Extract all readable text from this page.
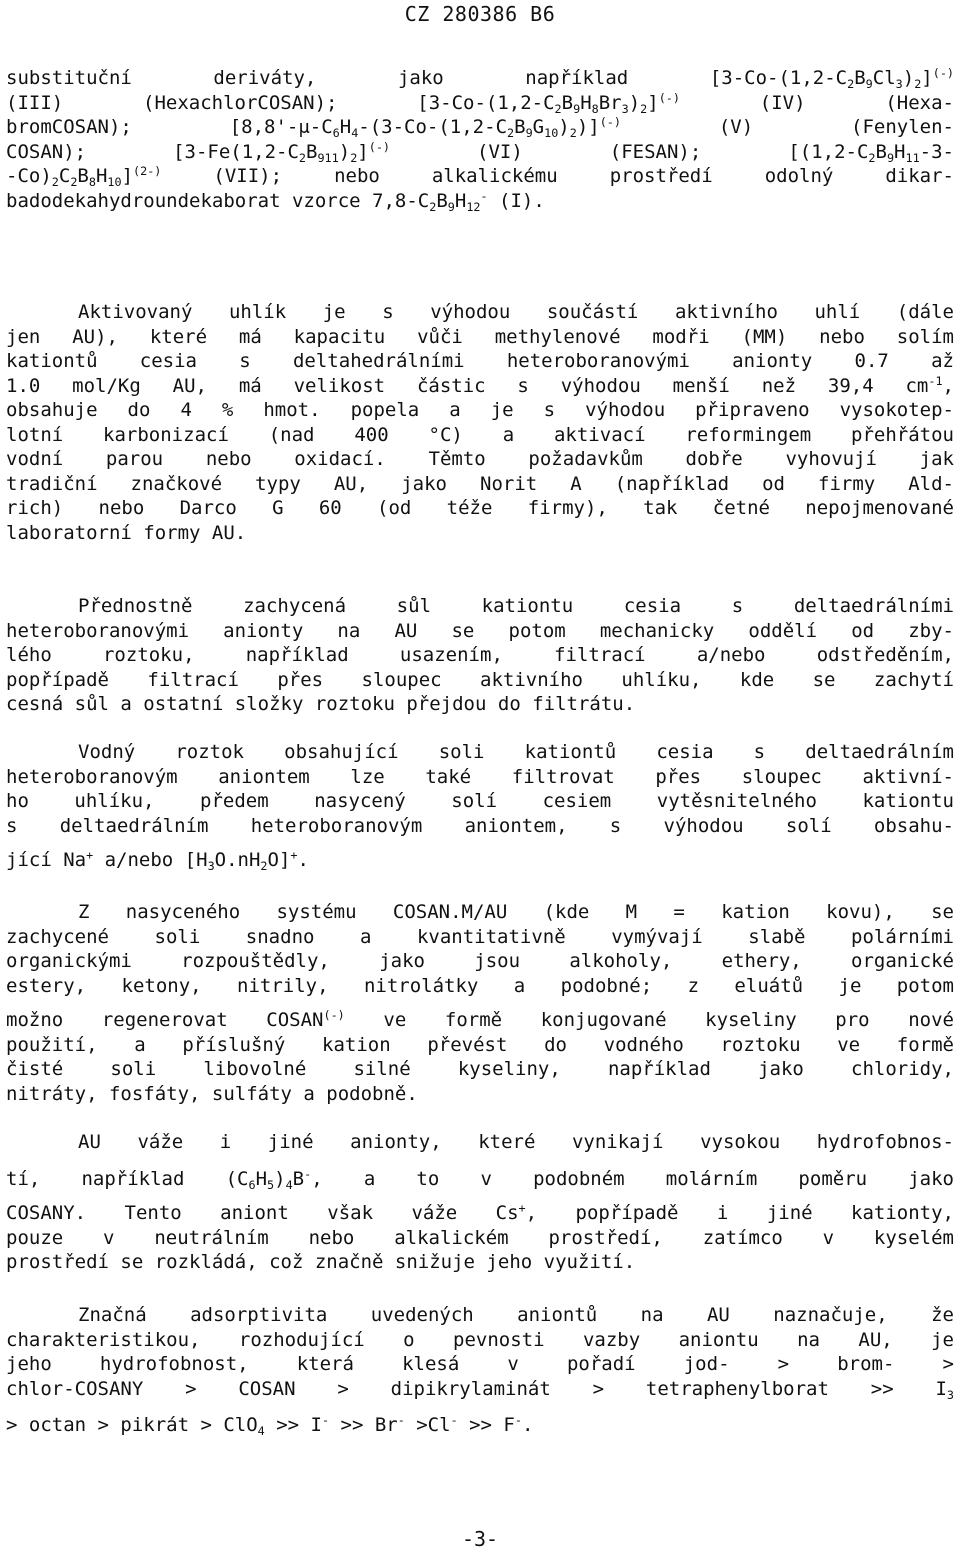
CZ 280386 B6
substituční deriváty, jako například $[3-Co-(1,2-C_2B_9Cl_3)_2]^{(-)}$
(III) (HexachlorCOSAN); $[3-Co-(1,2-C_2B_9H_8Br_3)_2]^{(-)}$ (IV) (Hexa-
bromCOSAN); $[8,8'-\mu-C_6H_4-(3-Co-(1,2-C_2B_9G_{10})_2)]^{(-)}$ (V) (Fenylen-
COSAN); $[3-Fe(1,2-C_2B_{911})_2]^{(-)}$ (VI) (FESAN); [($1,2-C_2B_9H_{11}-3-$
$-Co)_2C_2B_8H_{10}]^{(2-)}$ (VII); nebo alkalickému prostředí odolný dikar-
badodekahydroundekaborat vzorce $7,8-C_2B_9H_{12}^-$ (I).
Aktivovaný uhlík je s výhodou součástí aktivního uhlí (dále
jen AU), které má kapacitu vůči methylenové modři (MM) nebo solím
kationtů cesia s deltahedrálními heteroboranovými anionty 0.7 až
1.0 mol/Kg AU, má velikost částic s výhodou menší než 39,4 $cm^{-1}$,
obsahuje do 4 % hmot. popela a je s výhodou připraveno vysokotep-
lotní karbonizací (nad 400 °C) a aktivací reformingem přehřátou
vodní parou nebo oxidací. Těmto požadavkům dobře vyhovují jak
tradiční značkové typy AU, jako Norit A (například od firmy Ald-
rich) nebo Darco G 60 (od téže firmy), tak četné nepojmenované
laboratorní formy AU.
Přednostně zachycená sůl kationtu cesia s deltaedrálními
heteroboranovými anionty na AU se potom mechanicky oddělí od zby-
lého roztoku, například usazením, filtrací a/nebo odstředěním,
popřípadě filtrací přes sloupec aktivního uhlíku, kde se zachytí
cesná sůl a ostatní složky roztoku přejdou do filtrátu.
Vodný roztok obsahující soli kationtů cesia s deltaedrálním
heteroboranovým aniontem lze také filtrovat přes sloupec aktivní-
ho uhlíku, předem nasycený solí cesiem vytěsnitelného kationtu
s deltaedrálním heteroboranovým aniontem, s výhodou solí obsahu-
jící Na+ a/nebo $[H_3O.nH_2O]^+$.
Z nasyceného systému COSAN.M/AU (kde M = kation kovu), se
zachycené soli snadno a kvantitativně vymývají slabě polárními
organickými rozpouštědly, jako jsou alkoholy, ethery, organické
estery, ketony, nitrily, nitrolátky a podobné; z eluátů je potom
možno regenerovat COSAN(-) ve formě konjugované kyseliny pro nové
použití, a příslušný kation převést do vodného roztoku ve formě
čisté soli libovolné silné kyseliny, například jako chloridy,
nitráty, fosfáty, sulfáty a podobně.
AU váže i jiné anionty, které vynikají vysokou hydrofobnos-
tí, například $(C_6H_5)_4B^-$, a to v podobném molárním poměru jako
COSANY. Tento aniont však váže Cs+, popřípadě i jiné kationty,
pouze v neutrálním nebo alkalickém prostředí, zatímco v kyselém
prostředí se rozkládá, což značně snižuje jeho využití.
Značná adsorptivita uvedených aniontů na AU naznačuje, že
charakteristikou, rozhodující o pevnosti vazby aniontu na AU, je
jeho hydrofobnost, která klesá v pořadí jod- > brom- >
chlor-COSANY > COSAN > dipikrylaminát > tetraphenylborat >> $I_3$
> octan > pikrát > ClO$_4$ >> I- >> Br- >Cl- >> F-.
-3-
